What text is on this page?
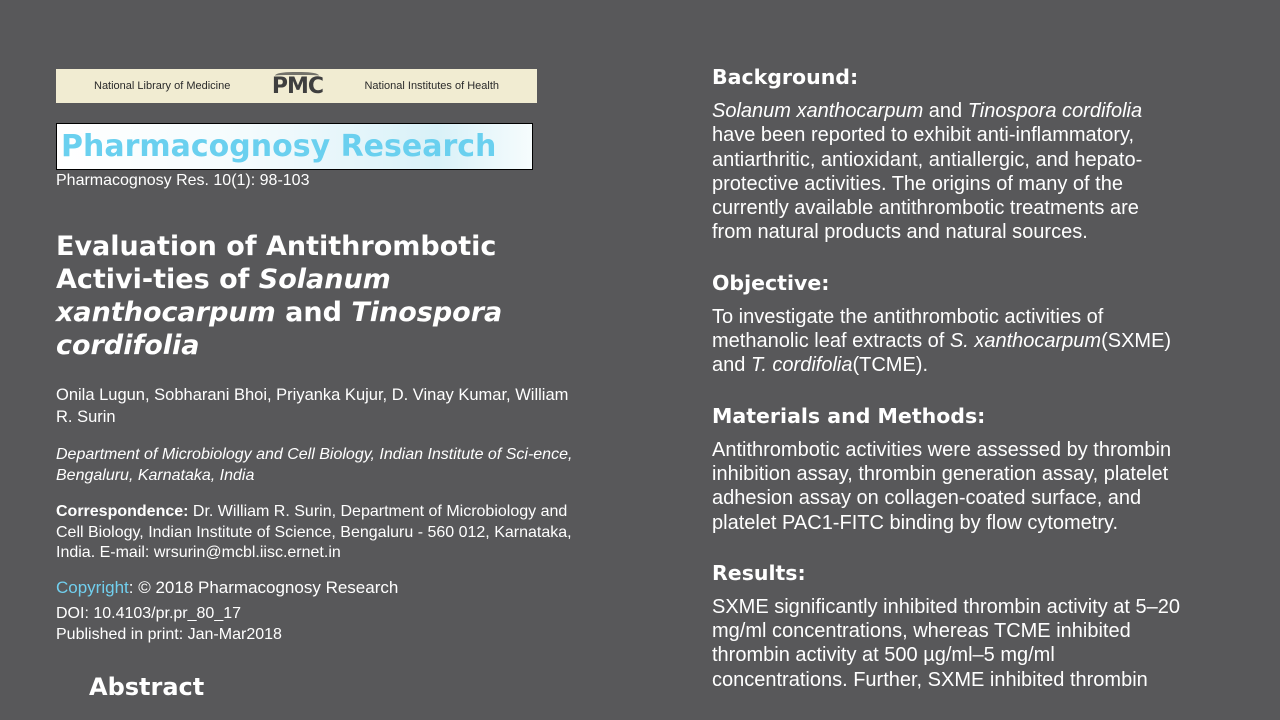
National Library of Medicine PMC	National Institutes of Health
Pharmacognosy Research
Pharmacognosy Res. 10(1): 98-103
Evaluation of Antithrombotic Activi-ties of Solanum xanthocarpum and Tinospora cordifolia
Onila Lugun, Sobharani Bhoi, Priyanka Kujur, D. Vinay Kumar, William R. Surin
Department of Microbiology and Cell Biology, Indian Institute of Sci-ence, Bengaluru, Karnataka, India
Correspondence: Dr. William R. Surin, Department of Microbiology and Cell Biology, Indian Institute of Science, Bengaluru - 560 012, Karnataka, India. E-mail: wrsurin@mcbl.iisc.ernet.in
Copyright: © 2018 Pharmacognosy Research
DOI: 10.4103/pr.pr_80_17
Published in print: Jan-Mar2018
Abstract
Background:
Solanum xanthocarpum and Tinospora cordifolia have been reported to exhibit anti-inflammatory, antiarthritic, antioxidant, antiallergic, and hepato-protective activities. The origins of many of the currently available antithrombotic treatments are from natural products and natural sources.
Objective:
To investigate the antithrombotic activities of methanolic leaf extracts of S. xanthocarpum(SXME) and T. cordifolia(TCME).
Materials and Methods:
Antithrombotic activities were assessed by thrombin inhibition assay, thrombin generation assay, platelet adhesion assay on collagen-coated surface, and platelet PAC1-FITC binding by flow cytometry.
Results:
SXME significantly inhibited thrombin activity at 5–20 mg/ml concentrations, whereas TCME inhibited thrombin activity at 500 µg/ml–5 mg/ml concentrations. Further, SXME inhibited thrombin
